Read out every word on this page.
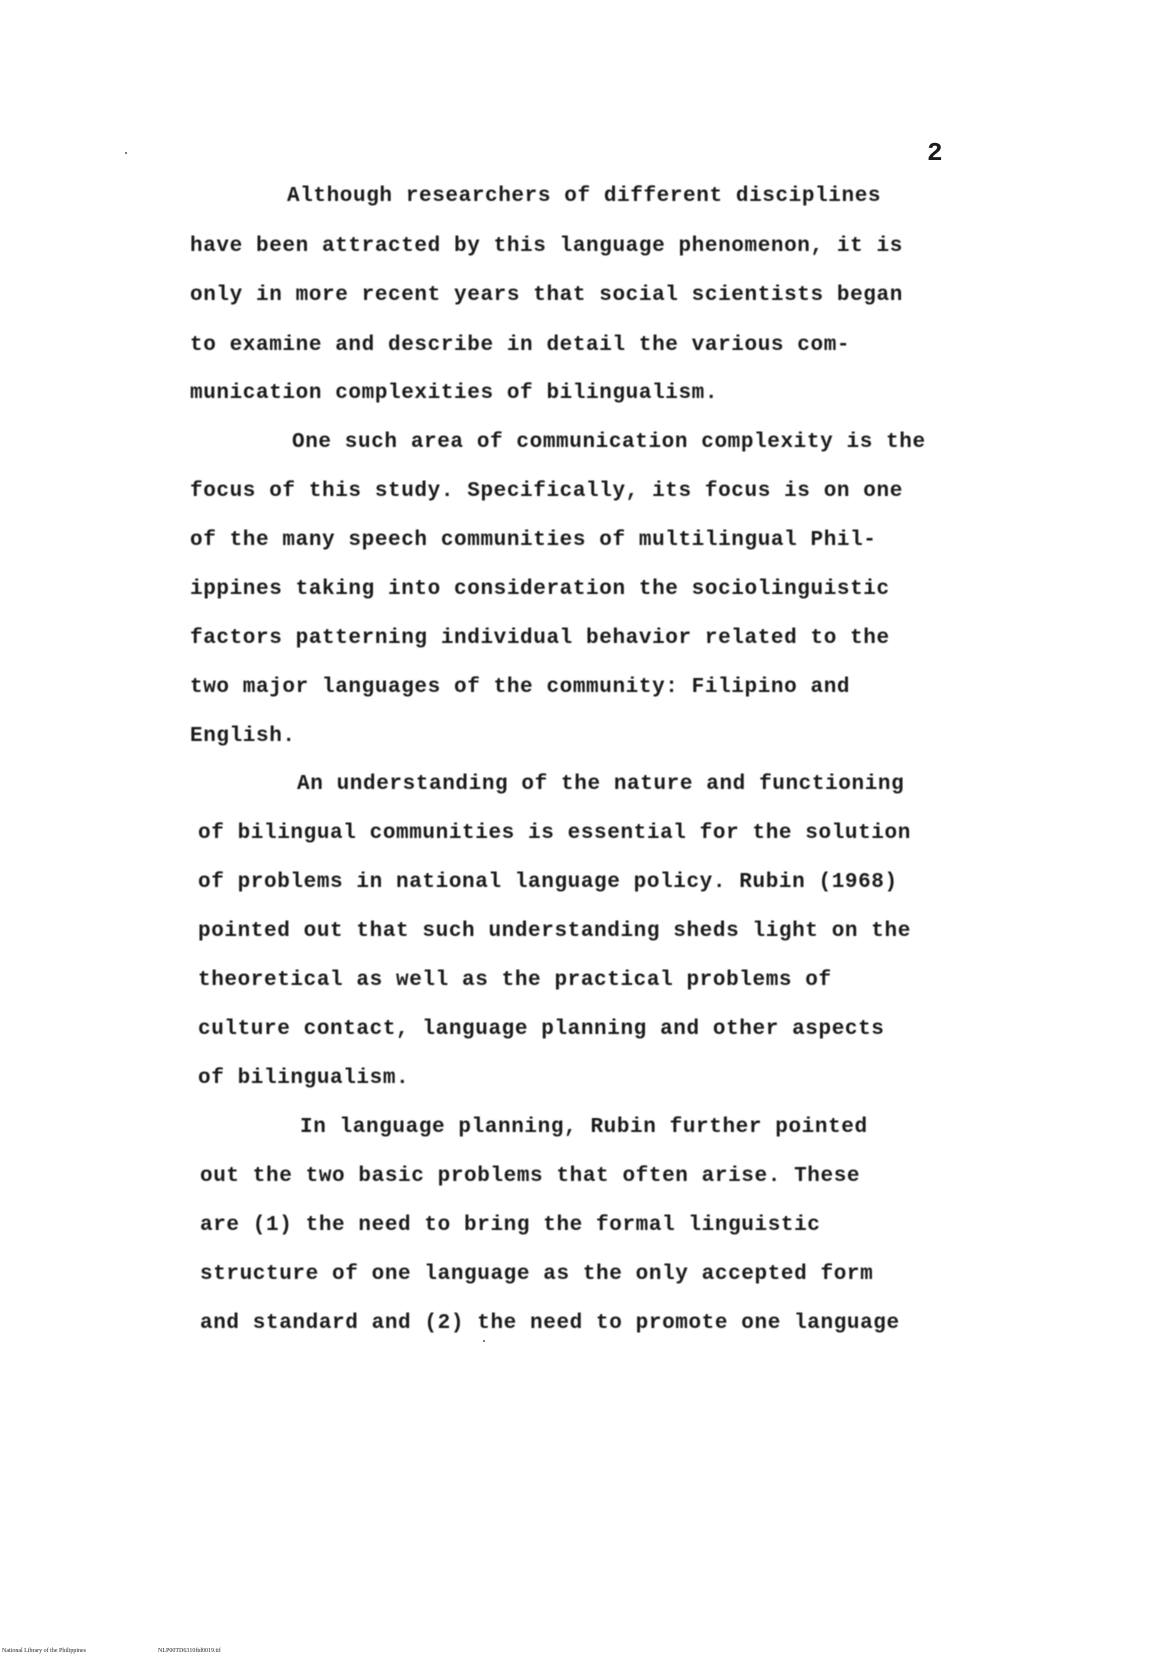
2
Although researchers of different disciplines
have been attracted by this language phenomenon, it is
only in more recent years that social scientists began
to examine and describe in detail the various com-
munication complexities of bilingualism.
One such area of communication complexity is the
focus of this study. Specifically, its focus is on one
of the many speech communities of multilingual Phil-
ippines taking into consideration the sociolinguistic
factors patterning individual behavior related to the
two major languages of the community: Filipino and
English.
An understanding of the nature and functioning
of bilingual communities is essential for the solution
of problems in national language policy. Rubin (1968)
pointed out that such understanding sheds light on the
theoretical as well as the practical problems of
culture contact, language planning and other aspects
of bilingualism.
In language planning, Rubin further pointed
out the two basic problems that often arise. These
are (1) the need to bring the formal linguistic
structure of one language as the only accepted form
and standard and (2) the need to promote one language
National Library of the Philippines	NLP00TD6310ftd0019.tif
